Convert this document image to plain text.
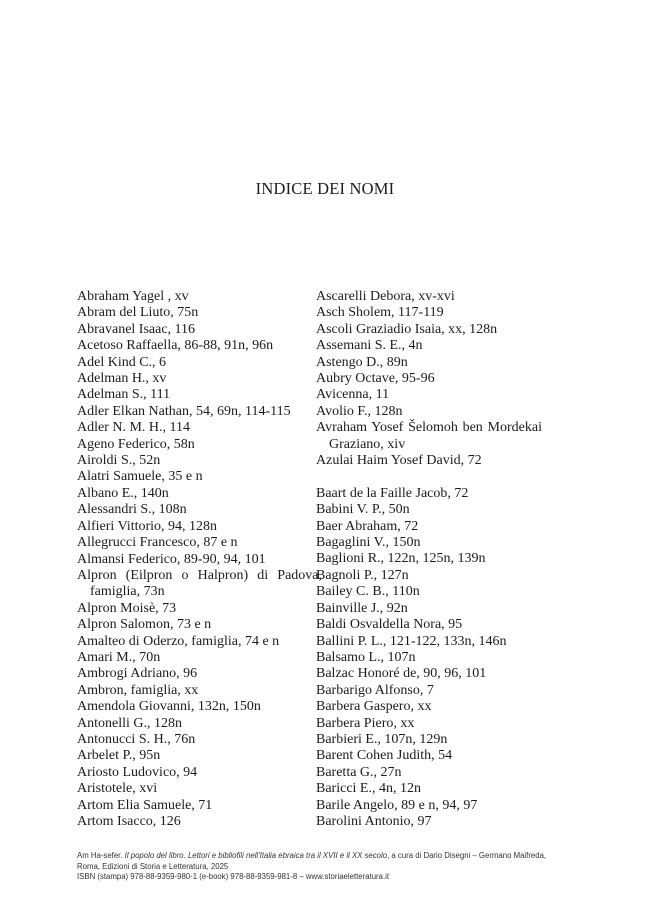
INDICE DEI NOMI
Abraham Yagel , xv
Abram del Liuto, 75n
Abravanel Isaac, 116
Acetoso Raffaella, 86-88, 91n, 96n
Adel Kind C., 6
Adelman H., xv
Adelman S., 111
Adler Elkan Nathan, 54, 69n, 114-115
Adler N. M. H., 114
Ageno Federico, 58n
Airoldi S., 52n
Alatri Samuele, 35 e n
Albano E., 140n
Alessandri S., 108n
Alfieri Vittorio, 94, 128n
Allegrucci Francesco, 87 e n
Almansi Federico, 89-90, 94, 101
Alpron (Eilpron o Halpron) di Padova, famiglia, 73n
Alpron Moisè, 73
Alpron Salomon, 73 e n
Amalteo di Oderzo, famiglia, 74 e n
Amari M., 70n
Ambrogi Adriano, 96
Ambron, famiglia, xx
Amendola Giovanni, 132n, 150n
Antonelli G., 128n
Antonucci S. H., 76n
Arbelet P., 95n
Ariosto Ludovico, 94
Aristotele, xvi
Artom Elia Samuele, 71
Artom Isacco, 126
Ascarelli Debora, xv-xvi
Asch Sholem, 117-119
Ascoli Graziadio Isaia, xx, 128n
Assemani S. E., 4n
Astengo D., 89n
Aubry Octave, 95-96
Avicenna, 11
Avolio F., 128n
Avraham Yosef Šelomoh ben Mordekai Graziano, xiv
Azulai Haim Yosef David, 72
Baart de la Faille Jacob, 72
Babini V. P., 50n
Baer Abraham, 72
Bagaglini V., 150n
Baglioni R., 122n, 125n, 139n
Bagnoli P., 127n
Bailey C. B., 110n
Bainville J., 92n
Baldi Osvaldella Nora, 95
Ballini P. L., 121-122, 133n, 146n
Balsamo L., 107n
Balzac Honoré de, 90, 96, 101
Barbarigo Alfonso, 7
Barbera Gaspero, xx
Barbera Piero, xx
Barbieri E., 107n, 129n
Barent Cohen Judith, 54
Baretta G., 27n
Baricci E., 4n, 12n
Barile Angelo, 89 e n, 94, 97
Barolini Antonio, 97
Am Ha-sefer. Il popolo del libro. Lettori e bibliofili nell'Italia ebraica tra il XVII e il XX secolo, a cura di Dario Disegni – Germano Maifreda, Roma, Edizioni di Storia e Letteratura, 2025
ISBN (stampa) 978-88-9359-980-1 (e-book) 978-88-9359-981-8 – www.storiaeletteratura.it
